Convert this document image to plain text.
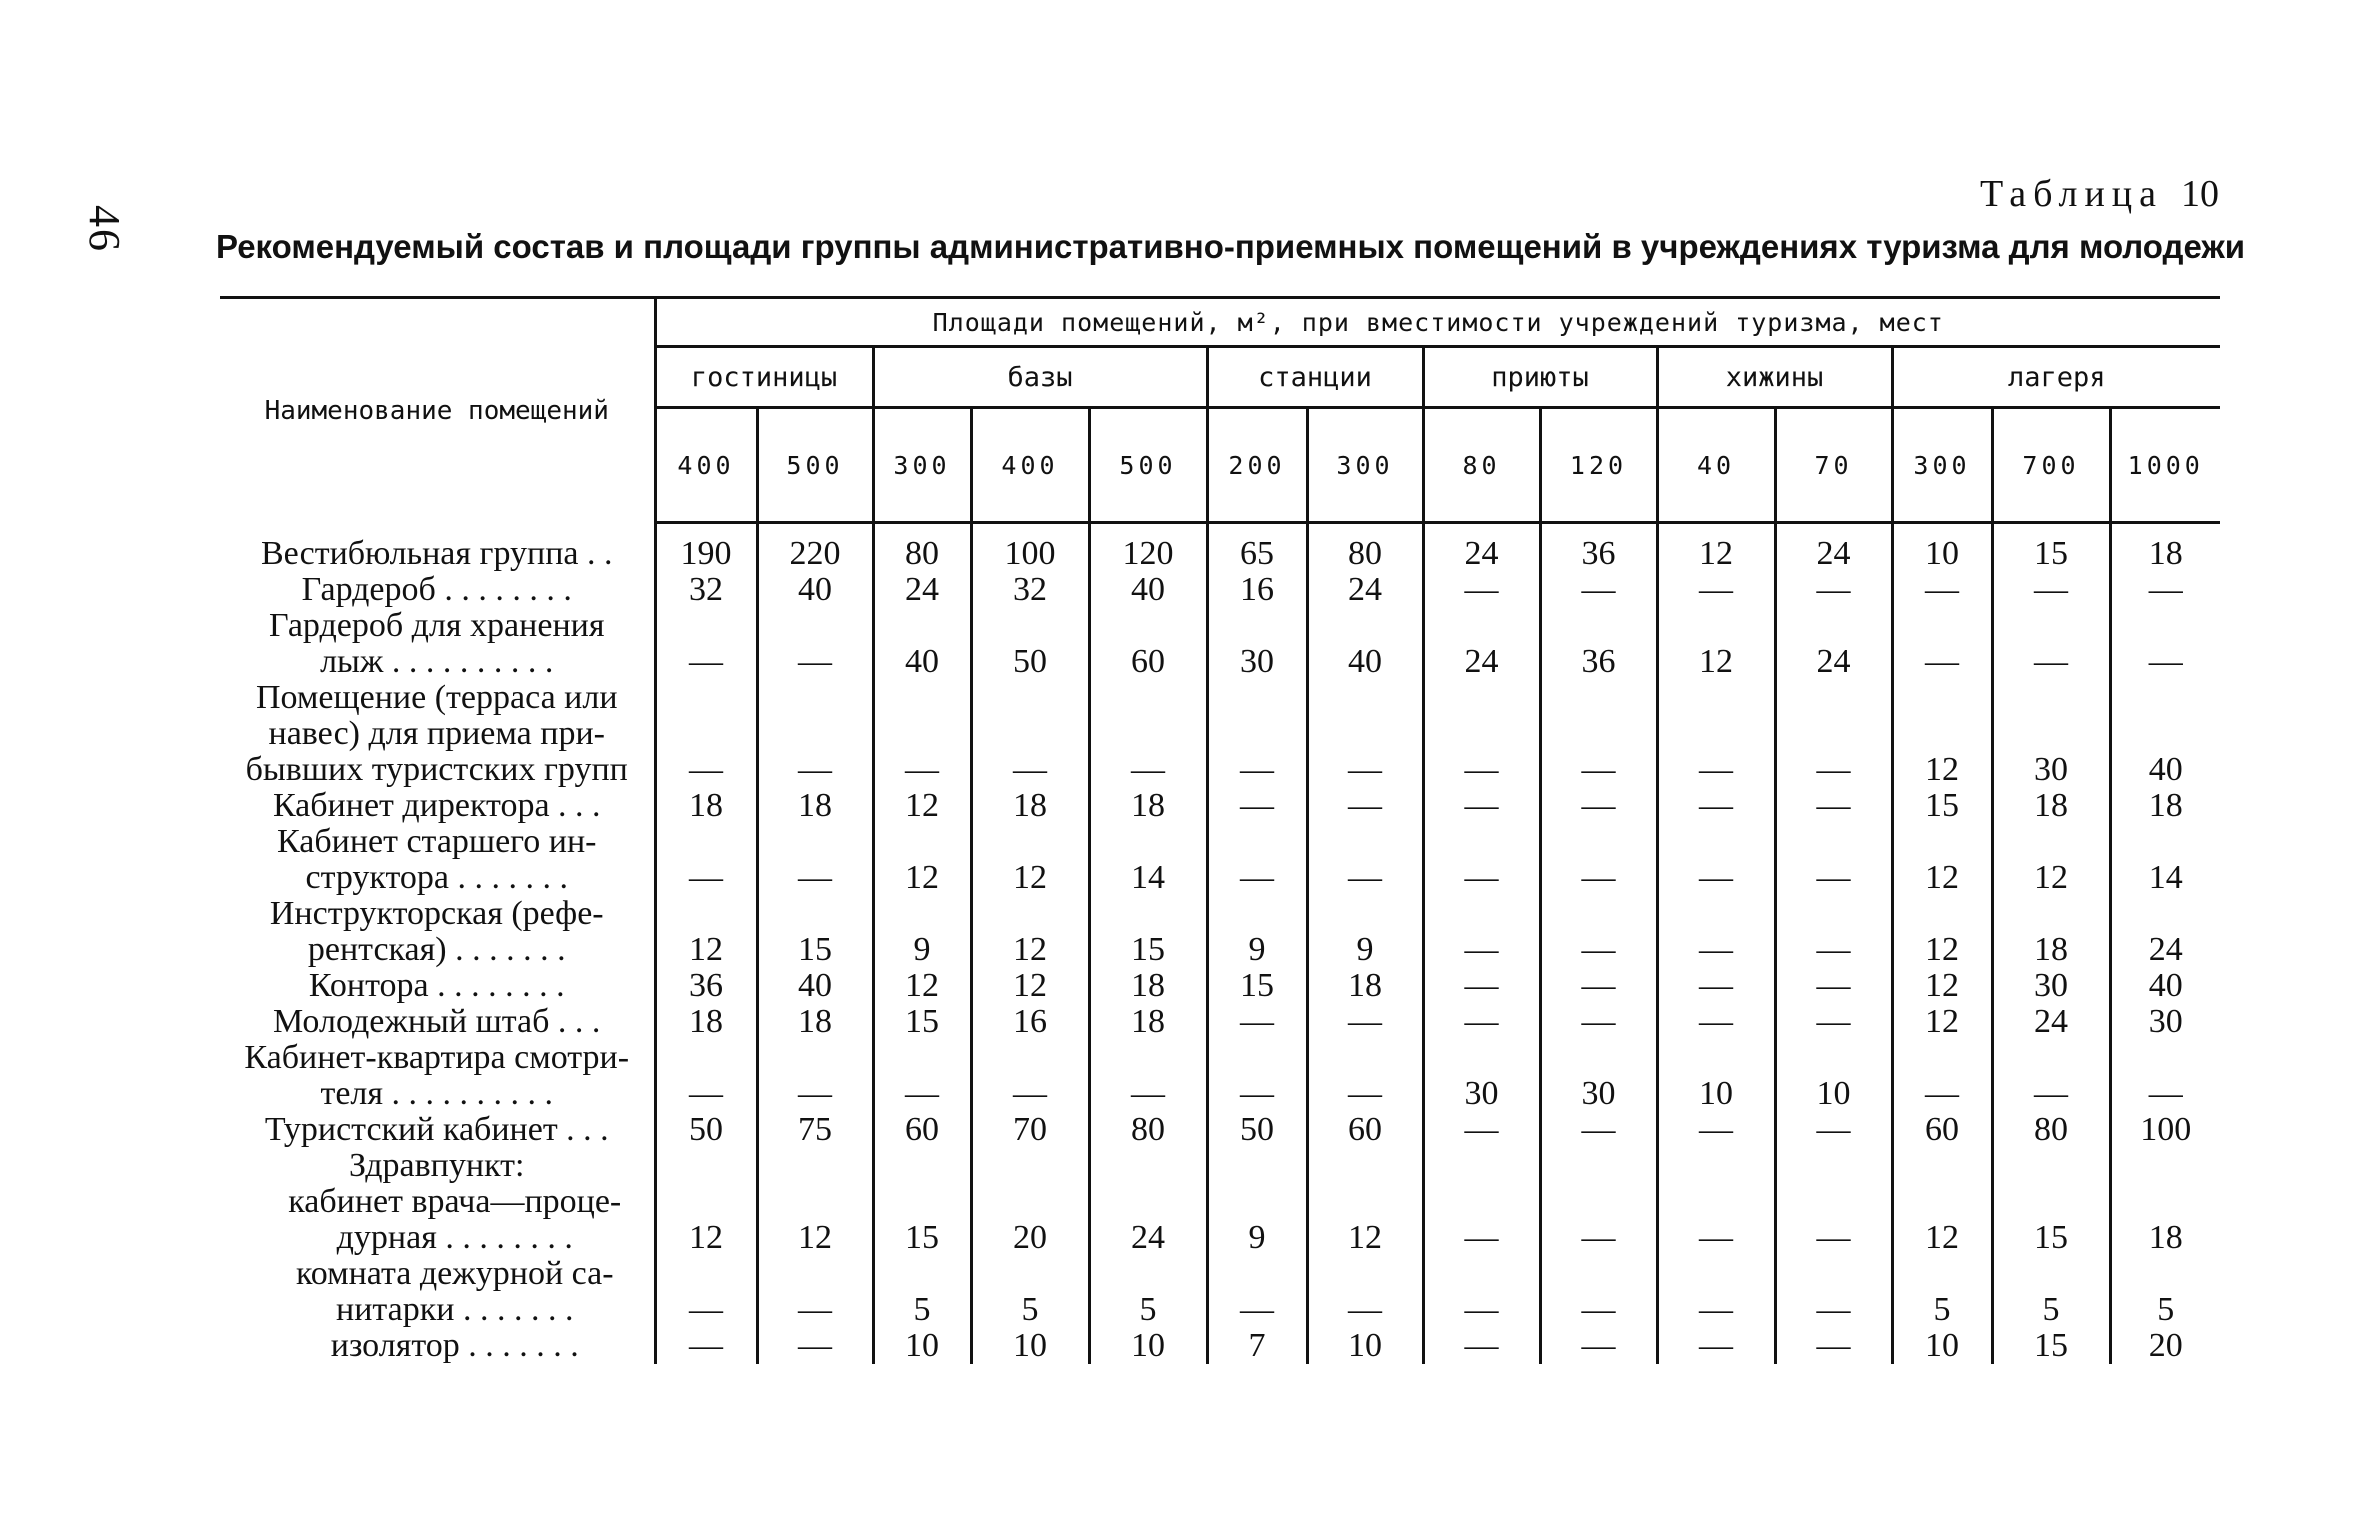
46
Таблица 10
Рекомендуемый состав и площади группы административно-приемных помещений в учреждениях туризма для молодежи
Наименование помещений	Площади помещений, м², при вместимости учреждений туризма, мест													
	гостиницы		базы			станции		приюты		хижины		лагеря		
	400	500	300	400	500	200	300	80	120	40	70	300	700	1000

Вестибюльная группа . .	190	220	80	100	120	65	80	24	36	12	24	10	15	18

Гардероб . . . . . . . .	32	40	24	32	40	16	24	—	—	—	—	—	—	—

Гардероб для хранения
лыж . . . . . . . . . .	—	—	40	50	60	30	40	24	36	12	24	—	—	—

Помещение (терраса или
навес) для приема при-
бывших туристских групп	—	—	—	—	—	—	—	—	—	—	—	12	30	40

Кабинет директора . . .	18	18	12	18	18	—	—	—	—	—	—	15	18	18

Кабинет старшего ин-
структора . . . . . . .	—	—	12	12	14	—	—	—	—	—	—	12	12	14

Инструкторская (рефе-
рентская) . . . . . . .	12	15	9	12	15	9	9	—	—	—	—	12	18	24

Контора . . . . . . . .	36	40	12	12	18	15	18	—	—	—	—	12	30	40

Молодежный штаб . . .	18	18	15	16	18	—	—	—	—	—	—	12	24	30

Кабинет-квартира смотри-
теля . . . . . . . . . .	—	—	—	—	—	—	—	30	30	10	10	—	—	—

Туристский кабинет . . .	50	75	60	70	80	50	60	—	—	—	—	60	80	100

Здравпункт:														

кабинет врача—проце-
дурная . . . . . . . .	12	12	15	20	24	9	12	—	—	—	—	12	15	18

комната дежурной са-
нитарки . . . . . . .	—	—	5	5	5	—	—	—	—	—	—	5	5	5

изолятор . . . . . . .	—	—	10	10	10	7	10	—	—	—	—	10	15	20
